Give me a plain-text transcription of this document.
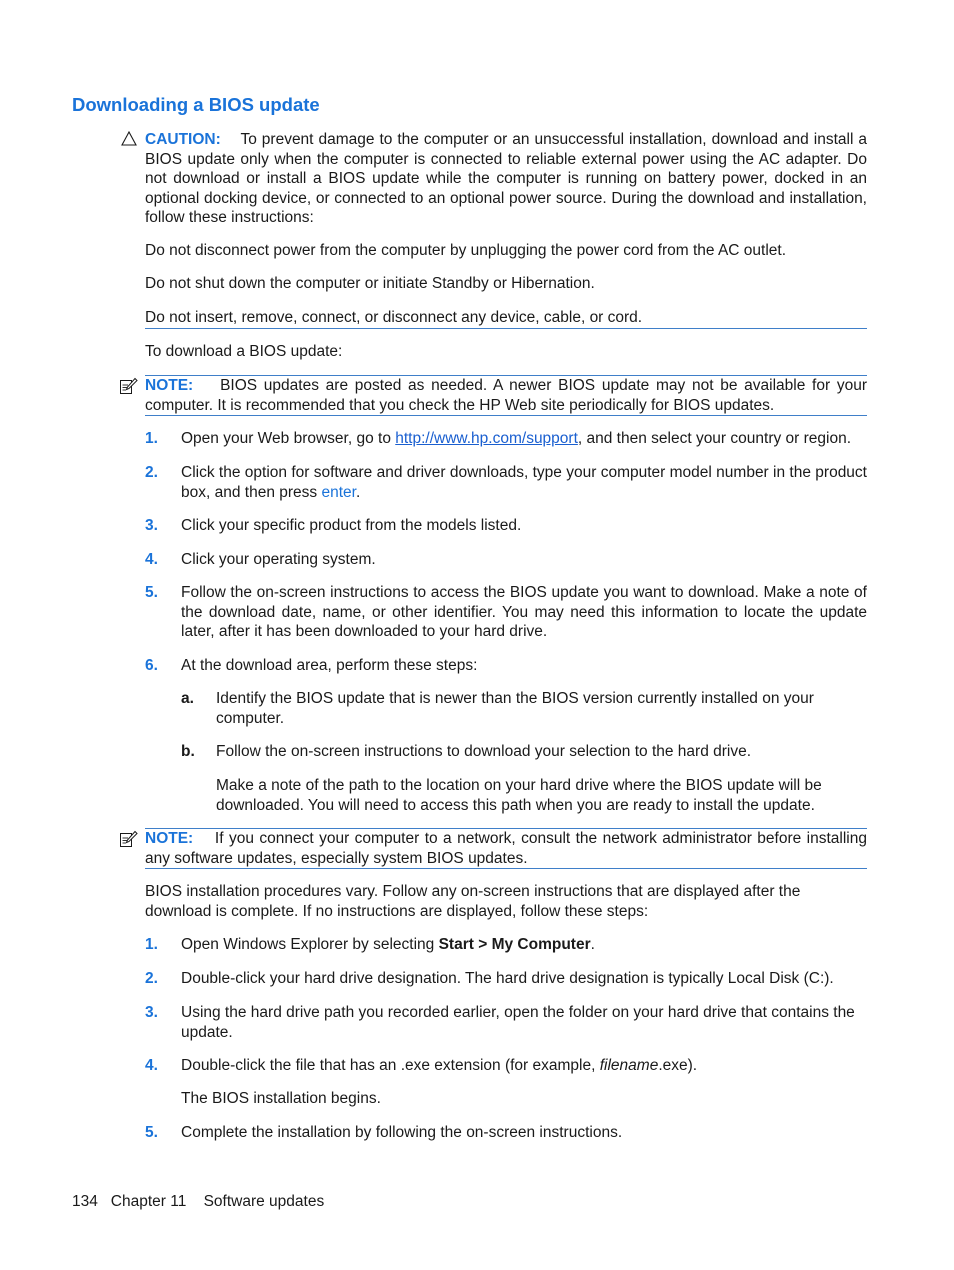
Downloading a BIOS update
CAUTION: To prevent damage to the computer or an unsuccessful installation, download and install a BIOS update only when the computer is connected to reliable external power using the AC adapter. Do not download or install a BIOS update while the computer is running on battery power, docked in an optional docking device, or connected to an optional power source. During the download and installation, follow these instructions:
Do not disconnect power from the computer by unplugging the power cord from the AC outlet.
Do not shut down the computer or initiate Standby or Hibernation.
Do not insert, remove, connect, or disconnect any device, cable, or cord.
To download a BIOS update:
NOTE: BIOS updates are posted as needed. A newer BIOS update may not be available for your computer. It is recommended that you check the HP Web site periodically for BIOS updates.
1.	Open your Web browser, go to http://www.hp.com/support, and then select your country or region.
2.	Click the option for software and driver downloads, type your computer model number in the product box, and then press enter.
3.	Click your specific product from the models listed.
4.	Click your operating system.
5.	Follow the on-screen instructions to access the BIOS update you want to download. Make a note of the download date, name, or other identifier. You may need this information to locate the update later, after it has been downloaded to your hard drive.
6.	At the download area, perform these steps:
a. Identify the BIOS update that is newer than the BIOS version currently installed on your computer.
b. Follow the on-screen instructions to download your selection to the hard drive.
Make a note of the path to the location on your hard drive where the BIOS update will be downloaded. You will need to access this path when you are ready to install the update.
NOTE: If you connect your computer to a network, consult the network administrator before installing any software updates, especially system BIOS updates.
BIOS installation procedures vary. Follow any on-screen instructions that are displayed after the download is complete. If no instructions are displayed, follow these steps:
1.	Open Windows Explorer by selecting Start > My Computer.
2.	Double-click your hard drive designation. The hard drive designation is typically Local Disk (C:).
3.	Using the hard drive path you recorded earlier, open the folder on your hard drive that contains the update.
4.	Double-click the file that has an .exe extension (for example, filename.exe).
The BIOS installation begins.
5.	Complete the installation by following the on-screen instructions.
134 Chapter 11 Software updates
